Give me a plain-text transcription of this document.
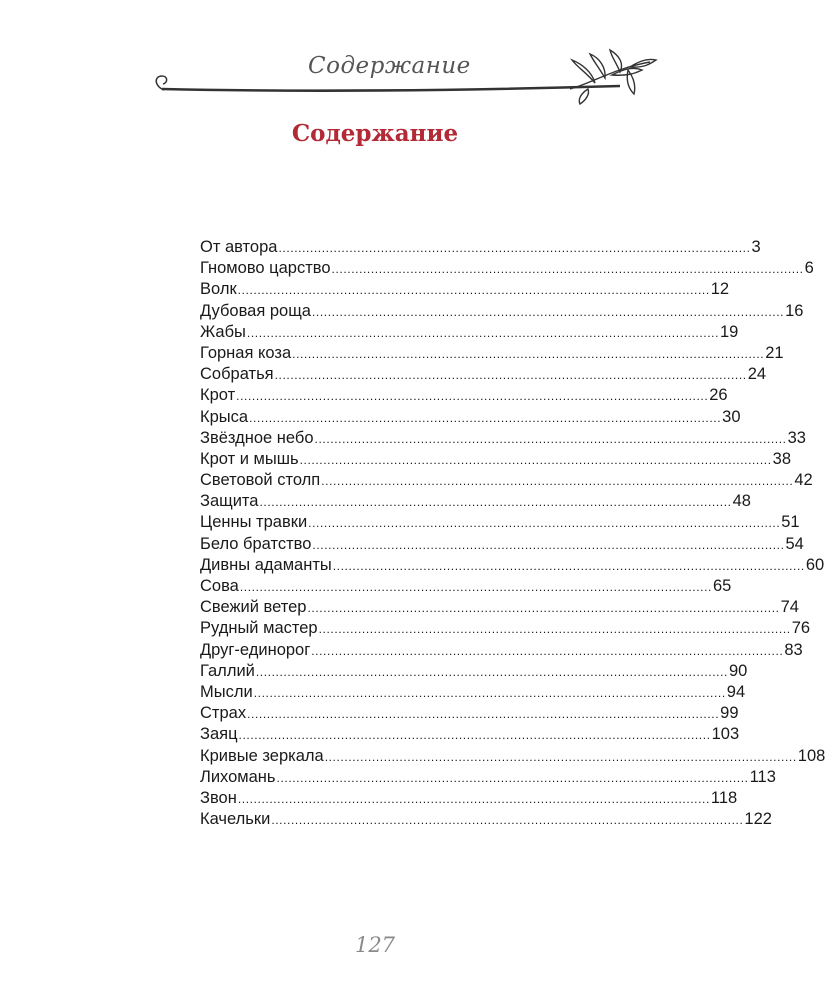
Содержание
Содержание
От автора ........................................................................................................................ 3
Гномово царство ........................................................................................................................ 6
Волк ........................................................................................................................ 12
Дубовая роща ........................................................................................................................ 16
Жабы ........................................................................................................................ 19
Горная коза ........................................................................................................................ 21
Собратья ........................................................................................................................ 24
Крот ........................................................................................................................ 26
Крыса ........................................................................................................................ 30
Звёздное небо ........................................................................................................................ 33
Крот и мышь ........................................................................................................................ 38
Световой столп ........................................................................................................................ 42
Защита ........................................................................................................................ 48
Ценны травки ........................................................................................................................ 51
Бело братство ........................................................................................................................ 54
Дивны адаманты ........................................................................................................................ 60
Сова ........................................................................................................................ 65
Свежий ветер ........................................................................................................................ 74
Рудный мастер ........................................................................................................................ 76
Друг-единорог ........................................................................................................................ 83
Галлий ........................................................................................................................ 90
Мысли ........................................................................................................................ 94
Страх ........................................................................................................................ 99
Заяц ........................................................................................................................ 103
Кривые зеркала ........................................................................................................................ 108
Лихомань ........................................................................................................................ 113
Звон ........................................................................................................................ 118
Качельки ........................................................................................................................ 122
127
